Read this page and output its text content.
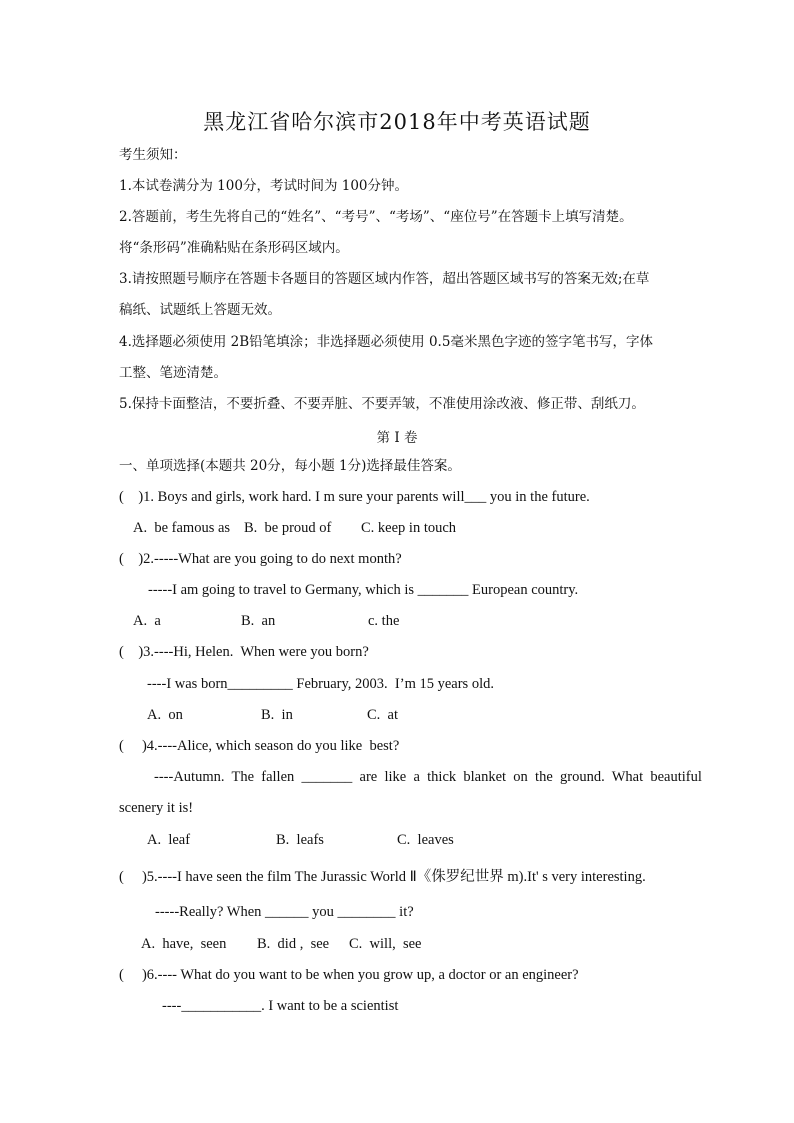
黑龙江省哈尔滨市2018年中考英语试题
考生须知：
1.本试卷满分为 100分，考试时间为 100分钟。
2.答题前，考生先将自己的“姓名”、“考号”、“考场”、“座位号”在答题卡上填写清楚。
将“条形码”准确粘贴在条形码区域内。
3.请按照题号顺序在答题卡各题目的答题区域内作答，超出答题区域书写的答案无效;在草
稿纸、试题纸上答题无效。
4.选择题必须使用 2B铅笔填涂；非选择题必须使用 0.5毫米黑色字迹的签字笔书写，字体
工整、笔迹清楚。
5.保持卡面整洁，不要折叠、不要弄脏、不要弄皱，不准使用涂改液、修正带、刮纸刀。
第 I 卷
一、单项选择(本题共 20分，每小题 1分)选择最佳答案。
(    )1. Boys and girls, work hard. I m sure your parents will___ you in the future.
A.  be famous as B.  be proud of C. keep in touch
(    )2.-----What are you going to do next month?
-----I am going to travel to Germany, which is _______ European country.
A.  a	B.  an	c. the
(    )3.----Hi, Helen.  When were you born?
----I was born_________ February, 2003.  I’m 15 years old.
A.  on	B.  in	C.  at
(     )4.----Alice, which season do you like  best?
----Autumn.  The  fallen  _______  are  like  a  thick  blanket  on  the  ground.  What  beautiful
scenery it is!
A.  leaf	B.  leafs	C.  leaves
(     )5.----I have seen the film The Jurassic World Ⅱ《侏罗纪世界 m).It' s very interesting.
-----Really? When ______ you ________ it?
A.  have,  seen B.  did ,  see C.  will,  see
(     )6.---- What do you want to be when you grow up, a doctor or an engineer?
----___________. I want to be a scientist
